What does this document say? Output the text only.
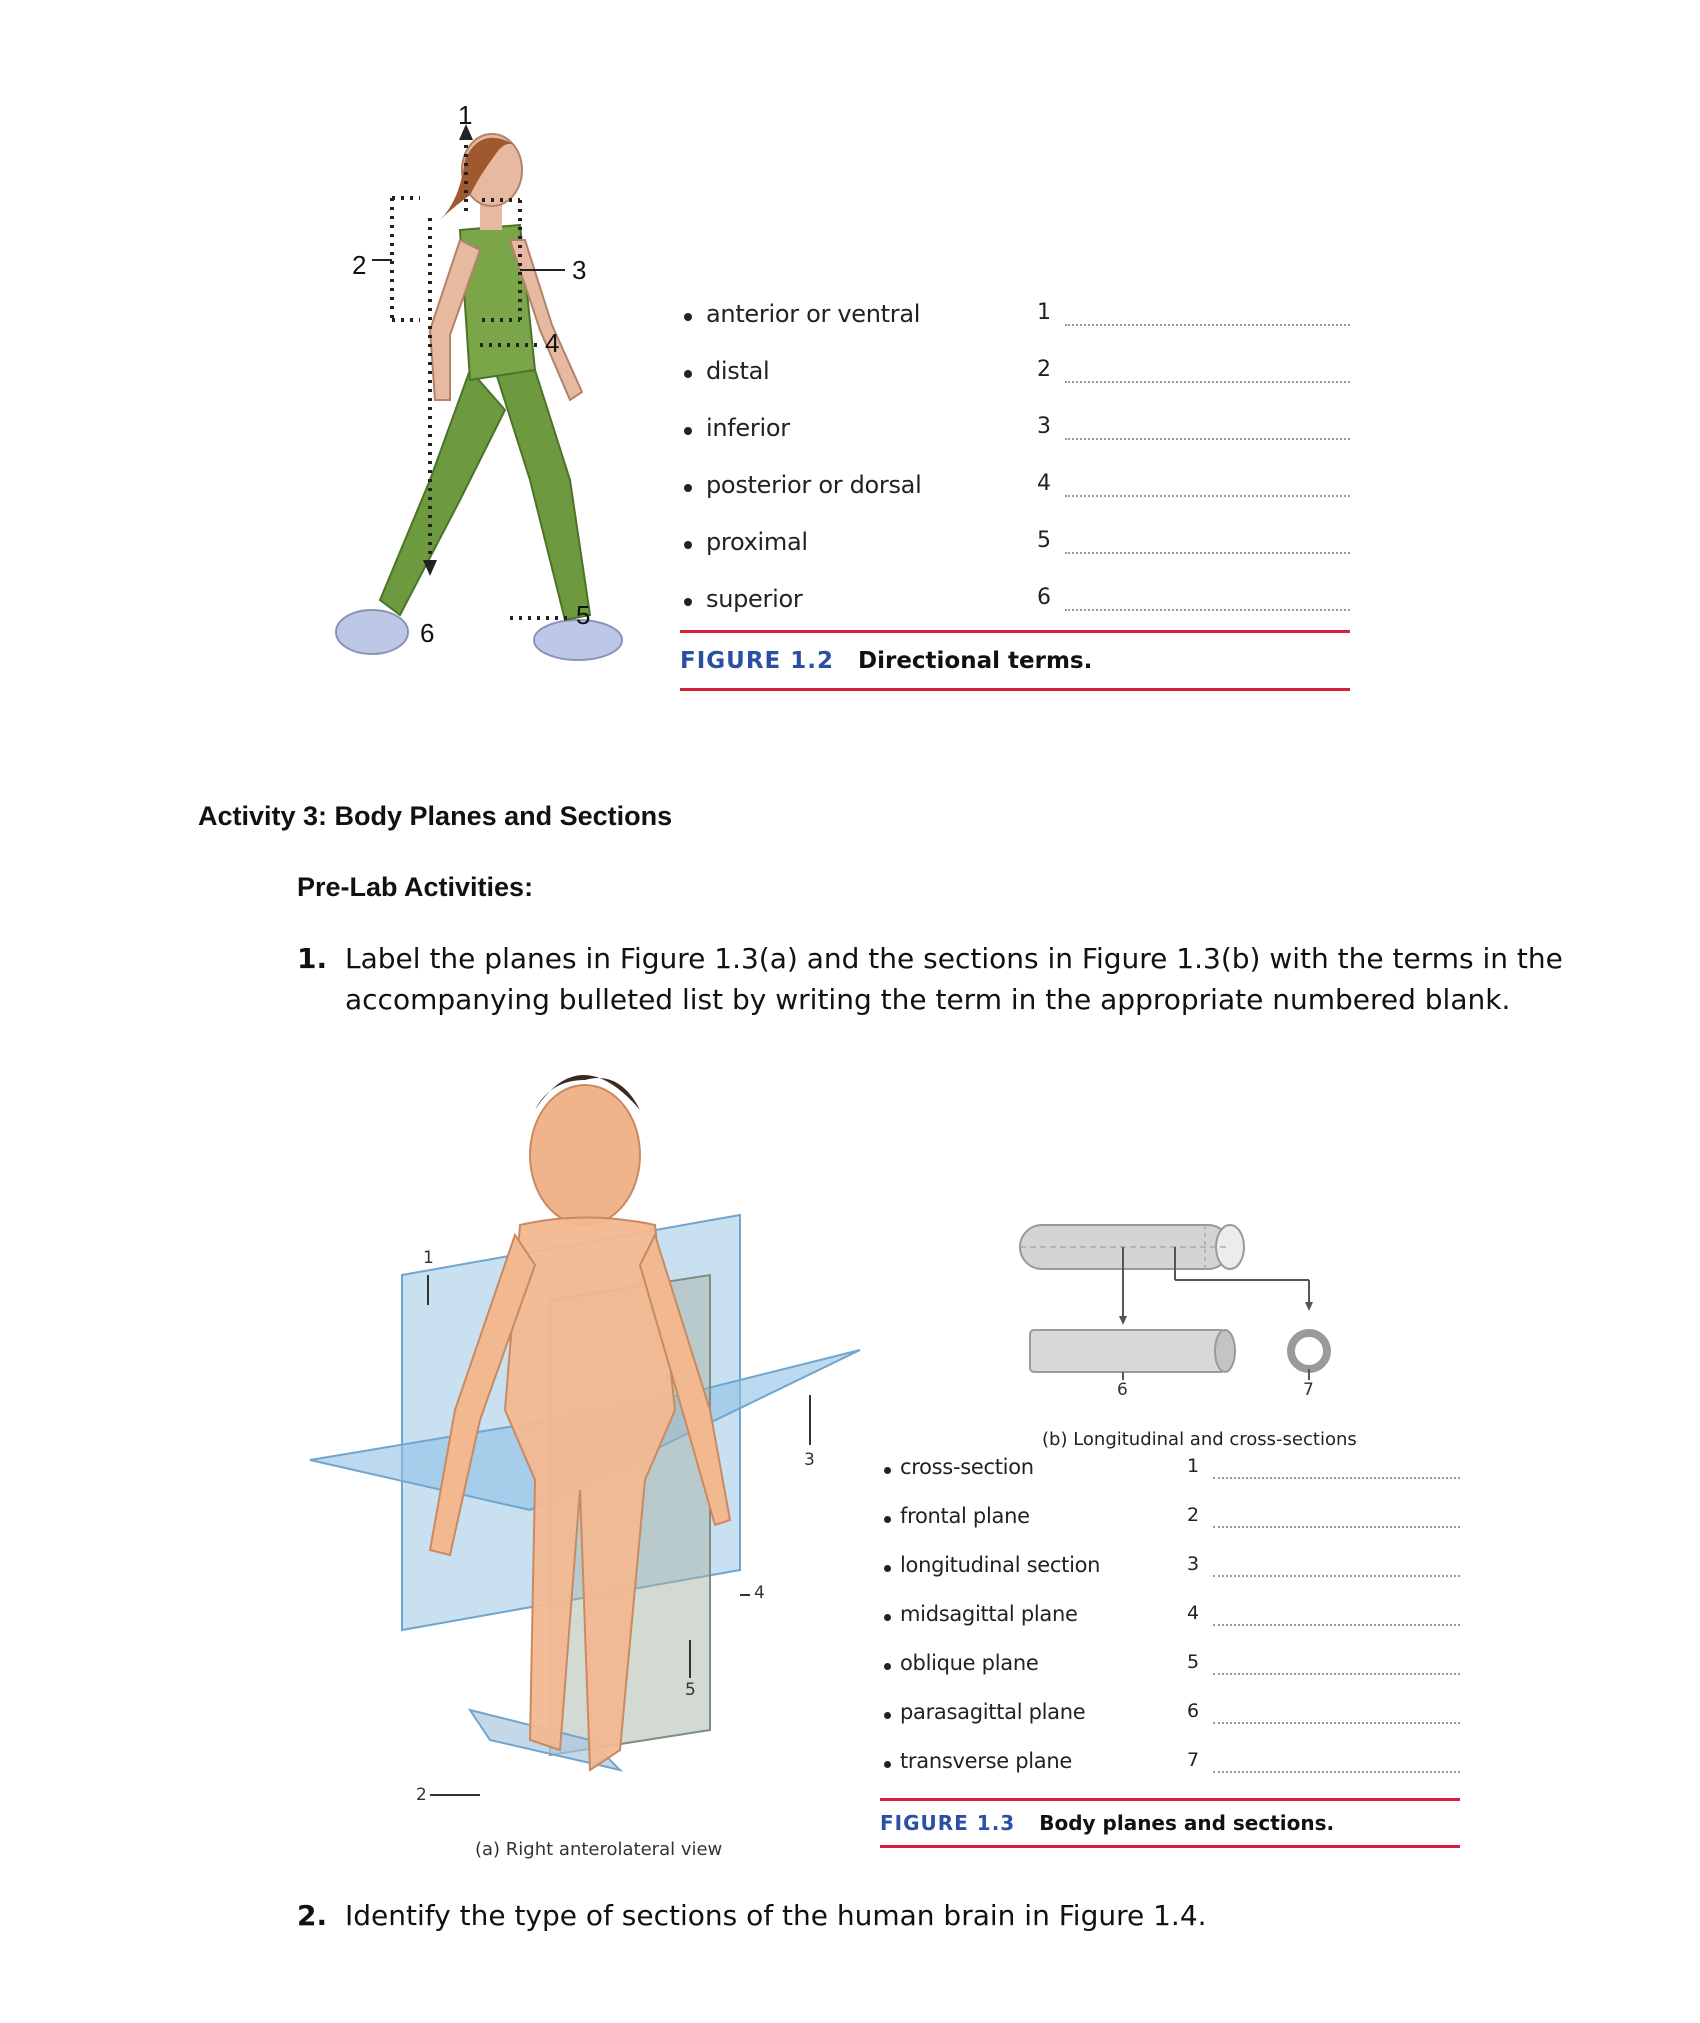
1
2	3
4
5
6
anterior or ventral	1
distal	2
inferior	3
posterior or dorsal	4
proximal	5
superior	6
FIGURE 1.2 Directional terms.
Activity 3: Body Planes and Sections
Pre-Lab Activities:
1. Label the planes in Figure 1.3(a) and the sections in Figure 1.3(b) with the terms in the
accompanying bulleted list by writing the term in the appropriate numbered blank.
1
2
3
4
5
(a) Right anterolateral view
6	7
(b) Longitudinal and cross-sections
cross-section	1
frontal plane	2
longitudinal section	3
midsagittal plane	4
oblique plane	5
parasagittal plane	6
transverse plane	7
FIGURE 1.3 Body planes and sections.
2. Identify the type of sections of the human brain in Figure 1.4.
